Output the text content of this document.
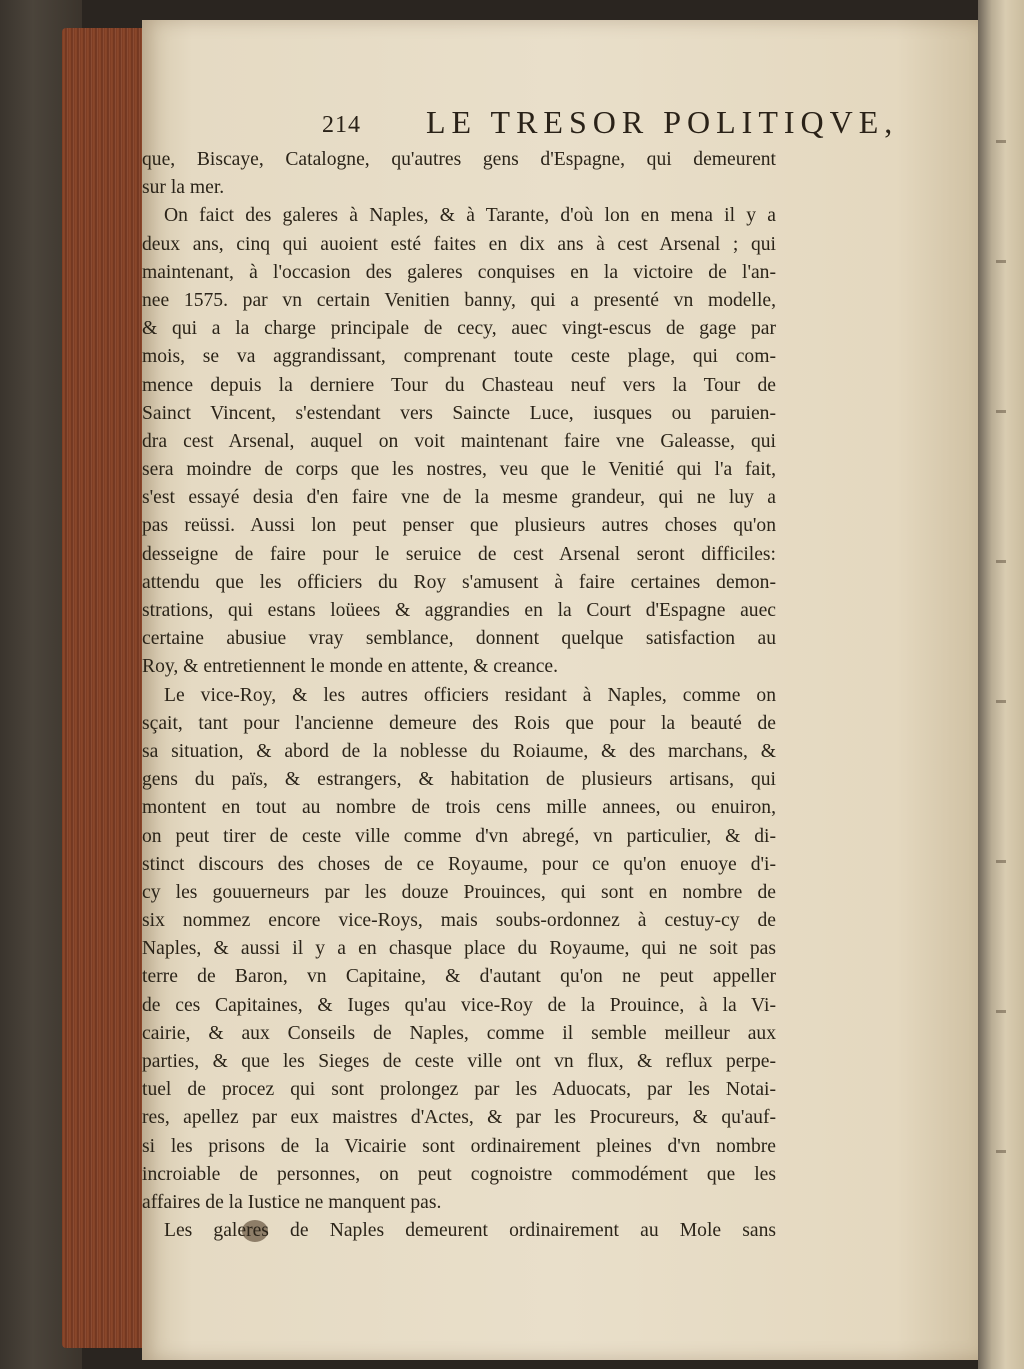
214 LE TRESOR POLITIQVE,
que, Biscaye, Catalogne, qu'autres gens d'Espagne, qui demeurent
sur la mer.
On faict des galeres à Naples, & à Tarante, d'où lon en mena il y a
deux ans, cinq qui auoient esté faites en dix ans à cest Arsenal ; qui
maintenant, à l'occasion des galeres conquises en la victoire de l'an-
nee 1575. par vn certain Venitien banny, qui a presenté vn modelle,
& qui a la charge principale de cecy, auec vingt-escus de gage par
mois, se va aggrandissant, comprenant toute ceste plage, qui com-
mence depuis la derniere Tour du Chasteau neuf vers la Tour de
Sainct Vincent, s'estendant vers Saincte Luce, iusques ou paruien-
dra cest Arsenal, auquel on voit maintenant faire vne Galeasse, qui
sera moindre de corps que les nostres, veu que le Venitié qui l'a fait,
s'est essayé desia d'en faire vne de la mesme grandeur, qui ne luy a
pas reüssi. Aussi lon peut penser que plusieurs autres choses qu'on
desseigne de faire pour le seruice de cest Arsenal seront difficiles:
attendu que les officiers du Roy s'amusent à faire certaines demon-
strations, qui estans loüees & aggrandies en la Court d'Espagne auec
certaine abusiue vray semblance, donnent quelque satisfaction au
Roy, & entretiennent le monde en attente, & creance.
Le vice-Roy, & les autres officiers residant à Naples, comme on
sçait, tant pour l'ancienne demeure des Rois que pour la beauté de
sa situation, & abord de la noblesse du Roiaume, & des marchans, &
gens du païs, & estrangers, & habitation de plusieurs artisans, qui
montent en tout au nombre de trois cens mille annees, ou enuiron,
on peut tirer de ceste ville comme d'vn abregé, vn particulier, & di-
stinct discours des choses de ce Royaume, pour ce qu'on enuoye d'i-
cy les gouuerneurs par les douze Prouinces, qui sont en nombre de
six nommez encore vice-Roys, mais soubs-ordonnez à cestuy-cy de
Naples, & aussi il y a en chasque place du Royaume, qui ne soit pas
terre de Baron, vn Capitaine, & d'autant qu'on ne peut appeller
de ces Capitaines, & Iuges qu'au vice-Roy de la Prouince, à la Vi-
cairie, & aux Conseils de Naples, comme il semble meilleur aux
parties, & que les Sieges de ceste ville ont vn flux, & reflux perpe-
tuel de procez qui sont prolongez par les Aduocats, par les Notai-
res, apellez par eux maistres d'Actes, & par les Procureurs, & qu'auf-
si les prisons de la Vicairie sont ordinairement pleines d'vn nombre
incroiable de personnes, on peut cognoistre commodément que les
affaires de la Iustice ne manquent pas.
Les galeres de Naples demeurent ordinairement au Mole sans
